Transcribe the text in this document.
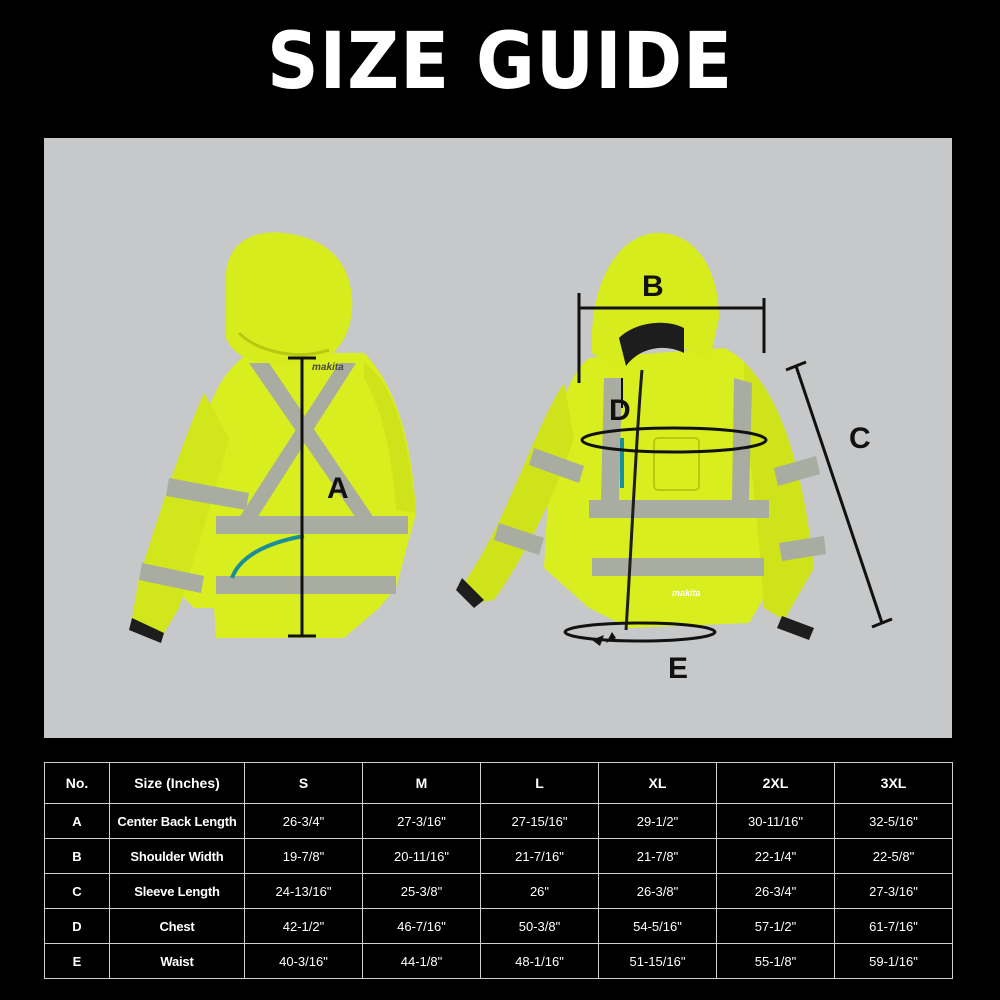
SIZE GUIDE
makita
A
makita
B
C
D
E
No.	Size (Inches)	S	M	L	XL	2XL	3XL
A	Center Back Length	26-3/4"	27-3/16"	27-15/16"	29-1/2"	30-11/16"	32-5/16"
B	Shoulder Width	19-7/8"	20-11/16"	21-7/16"	21-7/8"	22-1/4"	22-5/8"
C	Sleeve Length	24-13/16"	25-3/8"	26"	26-3/8"	26-3/4"	27-3/16"
D	Chest	42-1/2"	46-7/16"	50-3/8"	54-5/16"	57-1/2"	61-7/16"
E	Waist	40-3/16"	44-1/8"	48-1/16"	51-15/16"	55-1/8"	59-1/16"
